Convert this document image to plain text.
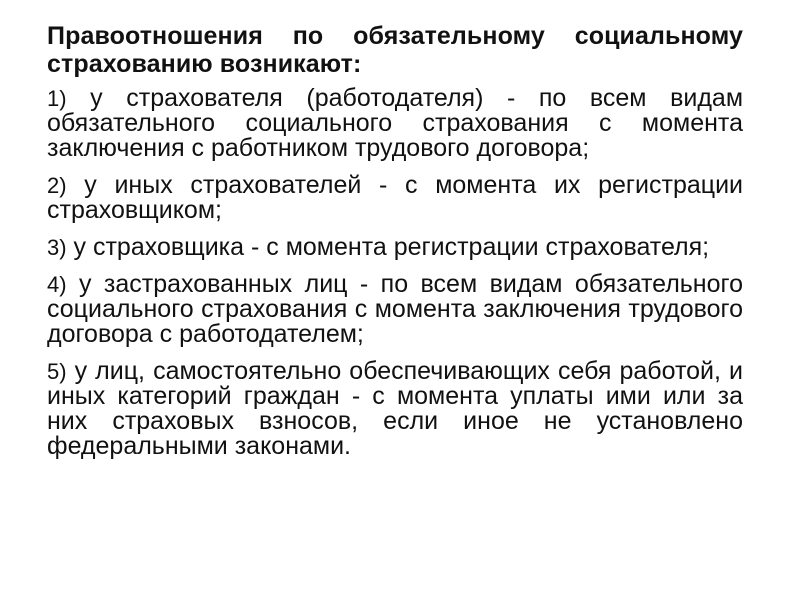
Правоотношения по обязательному социальному страхованию возникают:

1) у страхователя (работодателя) - по всем видам обязательного социального страхования с момента заключения с работником трудового договора;
2) у иных страхователей - с момента их регистрации страховщиком;
3) у страховщика - с момента регистрации страхователя;
4) у застрахованных лиц - по всем видам обязательного социального страхования с момента заключения трудового договора с работодателем;
5) у лиц, самостоятельно обеспечивающих себя работой, и иных категорий граждан - с момента уплаты ими или за них страховых взносов, если иное не установлено федеральными законами.
